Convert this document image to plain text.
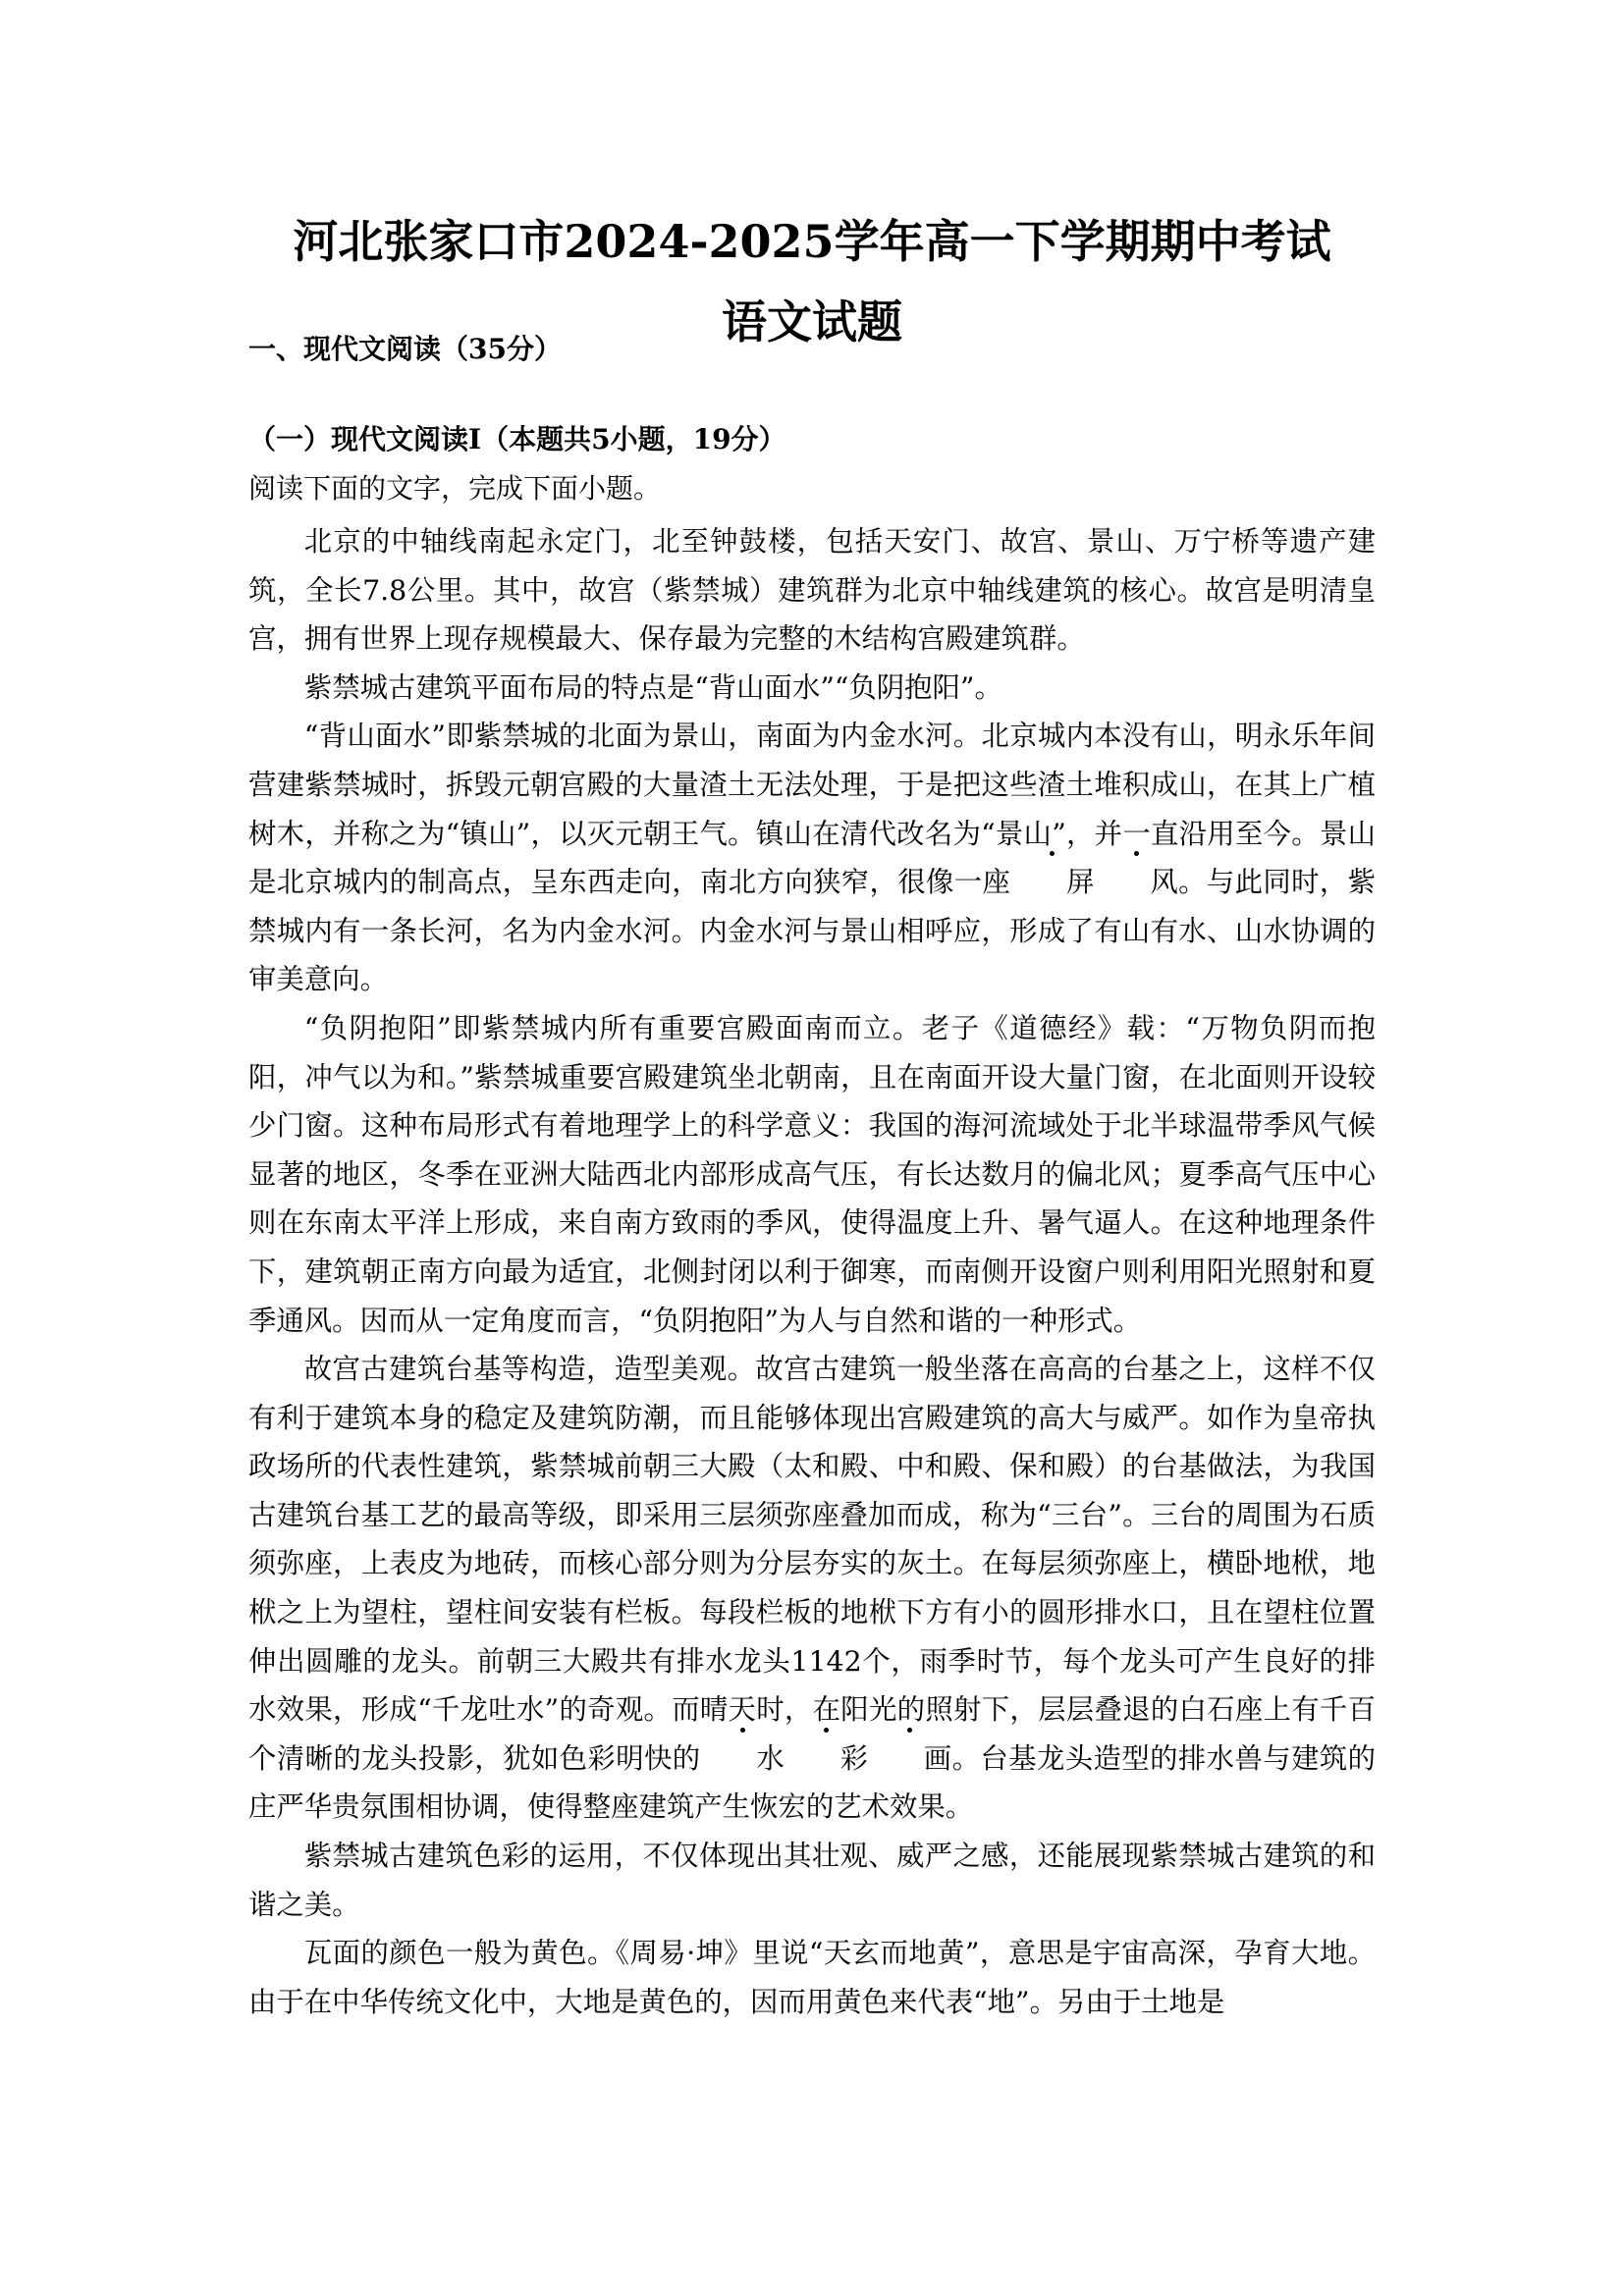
河北张家口市2024-2025学年高一下学期期中考试
语文试题
一、现代文阅读（35分）
（一）现代文阅读Ⅰ（本题共5小题，19分）
阅读下面的文字，完成下面小题。

北京的中轴线南起永定门，北至钟鼓楼，包括天安门、故宫、景山、万宁桥等遗产建筑，全长7.8公里。其中，故宫（紫禁城）建筑群为北京中轴线建筑的核心。故宫是明清皇宫，拥有世界上现存规模最大、保存最为完整的木结构宫殿建筑群。

紫禁城古建筑平面布局的特点是“背山面水”“负阴抱阳”。

“背山面水”即紫禁城的北面为景山，南面为内金水河。北京城内本没有山，明永乐年间营建紫禁城时，拆毁元朝宫殿的大量渣土无法处理，于是把这些渣土堆积成山，在其上广植树木，并称之为“镇山”，以灭元朝王气。镇山在清代改名为“景山”，并一直沿用至今。景山是北京城内的制高点，呈东西走向，南北方向狭窄，很像一座 屏 风。与此同时，紫禁城内有一条长河，名为内金水河。内金水河与景山相呼应，形成了有山有水、山水协调的审美意向。

“负阴抱阳”即紫禁城内所有重要宫殿面南而立。老子《道德经》载：“万物负阴而抱阳，冲气以为和。”紫禁城重要宫殿建筑坐北朝南，且在南面开设大量门窗，在北面则开设较少门窗。这种布局形式有着地理学上的科学意义：我国的海河流域处于北半球温带季风气候显著的地区，冬季在亚洲大陆西北内部形成高气压，有长达数月的偏北风；夏季高气压中心则在东南太平洋上形成，来自南方致雨的季风，使得温度上升、暑气逼人。在这种地理条件下，建筑朝正南方向最为适宜，北侧封闭以利于御寒，而南侧开设窗户则利用阳光照射和夏季通风。因而从一定角度而言，“负阴抱阳”为人与自然和谐的一种形式。

故宫古建筑台基等构造，造型美观。故宫古建筑一般坐落在高高的台基之上，这样不仅有利于建筑本身的稳定及建筑防潮，而且能够体现出宫殿建筑的高大与威严。如作为皇帝执政场所的代表性建筑，紫禁城前朝三大殿（太和殿、中和殿、保和殿）的台基做法，为我国古建筑台基工艺的最高等级，即采用三层须弥座叠加而成，称为“三台”。三台的周围为石质须弥座，上表皮为地砖，而核心部分则为分层夯实的灰土。在每层须弥座上，横卧地栿，地栿之上为望柱，望柱间安装有栏板。每段栏板的地栿下方有小的圆形排水口，且在望柱位置伸出圆雕的龙头。前朝三大殿共有排水龙头1142个，雨季时节，每个龙头可产生良好的排水效果，形成“千龙吐水”的奇观。而晴天时，在阳光的照射下，层层叠退的白石座上有千百个清晰的龙头投影，犹如色彩明快的 水 彩 画。台基龙头造型的排水兽与建筑的庄严华贵氛围相协调，使得整座建筑产生恢宏的艺术效果。

紫禁城古建筑色彩的运用，不仅体现出其壮观、威严之感，还能展现紫禁城古建筑的和谐之美。

瓦面的颜色一般为黄色。《周易·坤》里说“天玄而地黄”，意思是宇宙高深，孕育大地。由于在中华传统文化中，大地是黄色的，因而用黄色来代表“地”。另由于土地是
